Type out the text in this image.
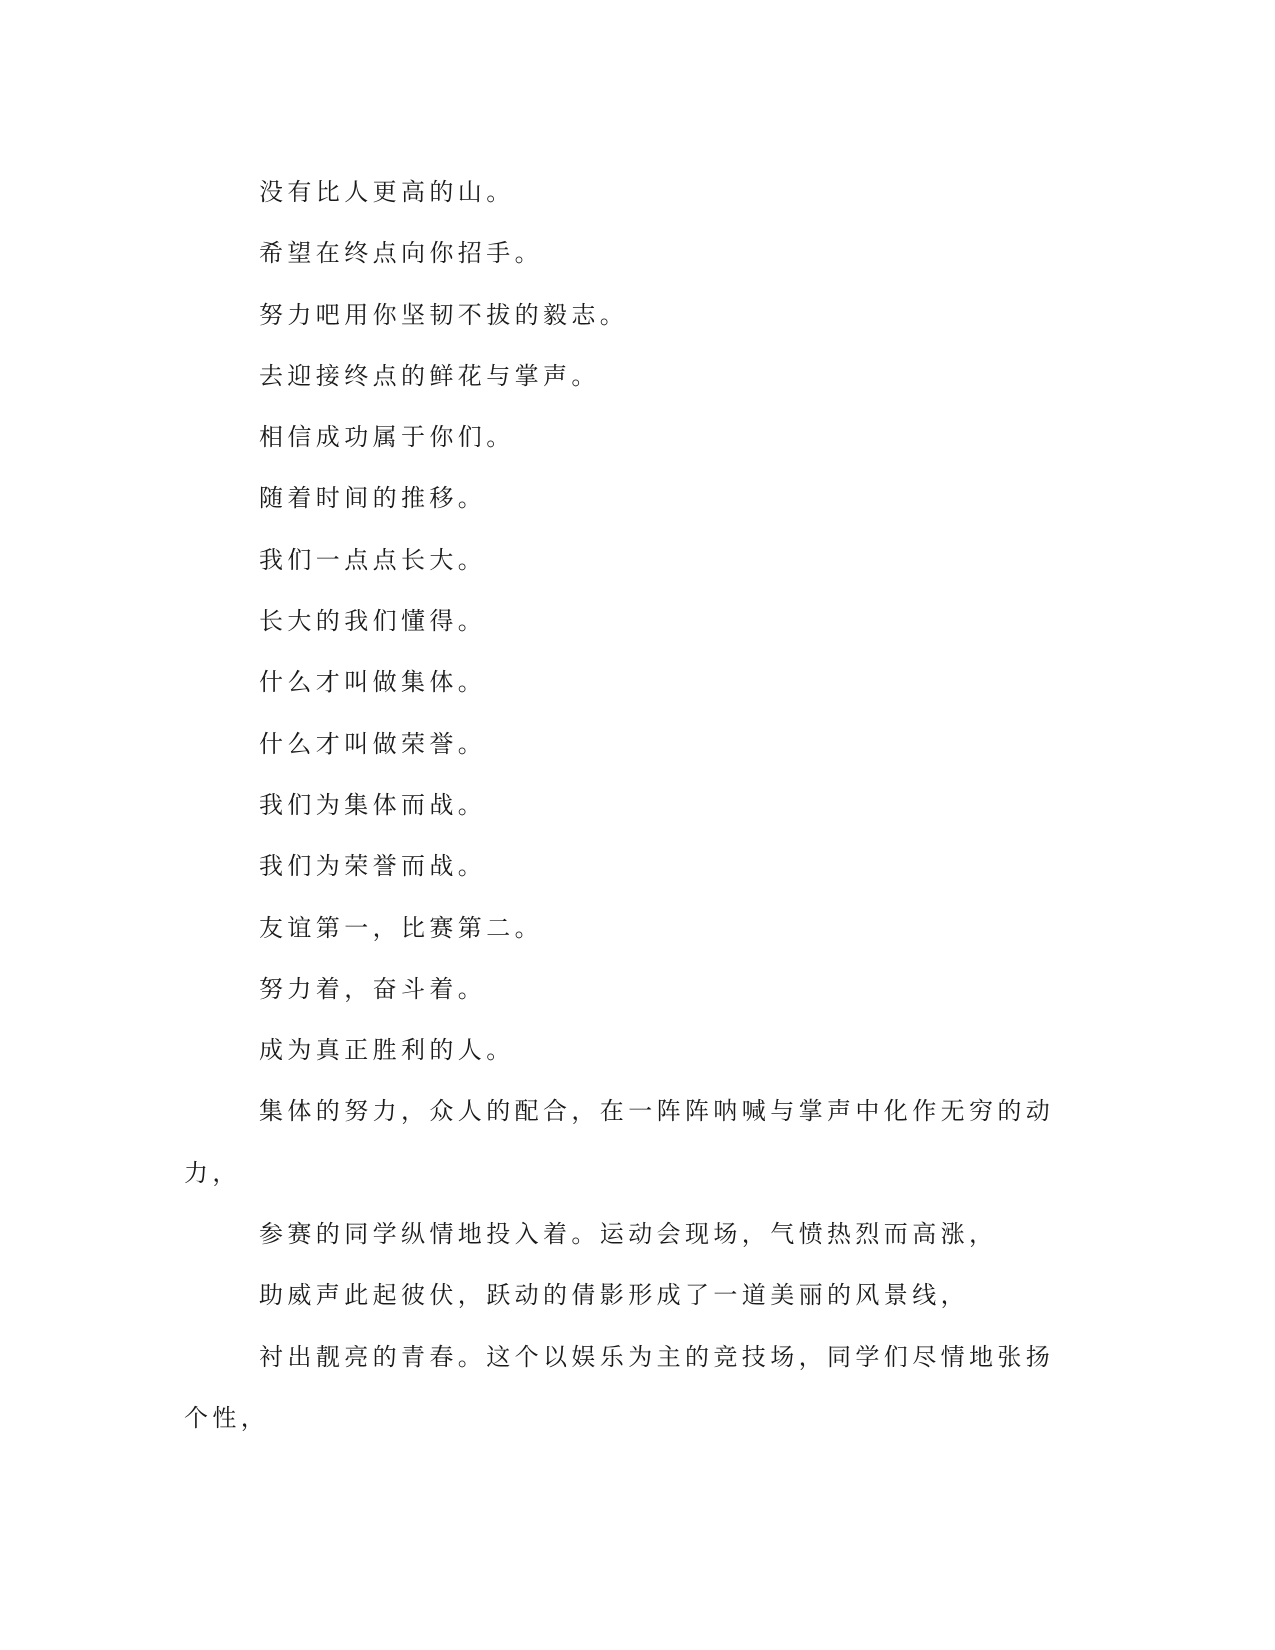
没有比人更高的山。

希望在终点向你招手。

努力吧用你坚韧不拔的毅志。

去迎接终点的鲜花与掌声。

相信成功属于你们。

随着时间的推移。

我们一点点长大。

长大的我们懂得。

什么才叫做集体。

什么才叫做荣誉。

我们为集体而战。

我们为荣誉而战。

友谊第一，比赛第二。

努力着，奋斗着。

成为真正胜利的人。

集体的努力，众人的配合，在一阵阵呐喊与掌声中化作无穷的动力，

参赛的同学纵情地投入着。运动会现场，气愤热烈而高涨，

助威声此起彼伏，跃动的倩影形成了一道美丽的风景线，

衬出靓亮的青春。这个以娱乐为主的竞技场，同学们尽情地张扬个性，
